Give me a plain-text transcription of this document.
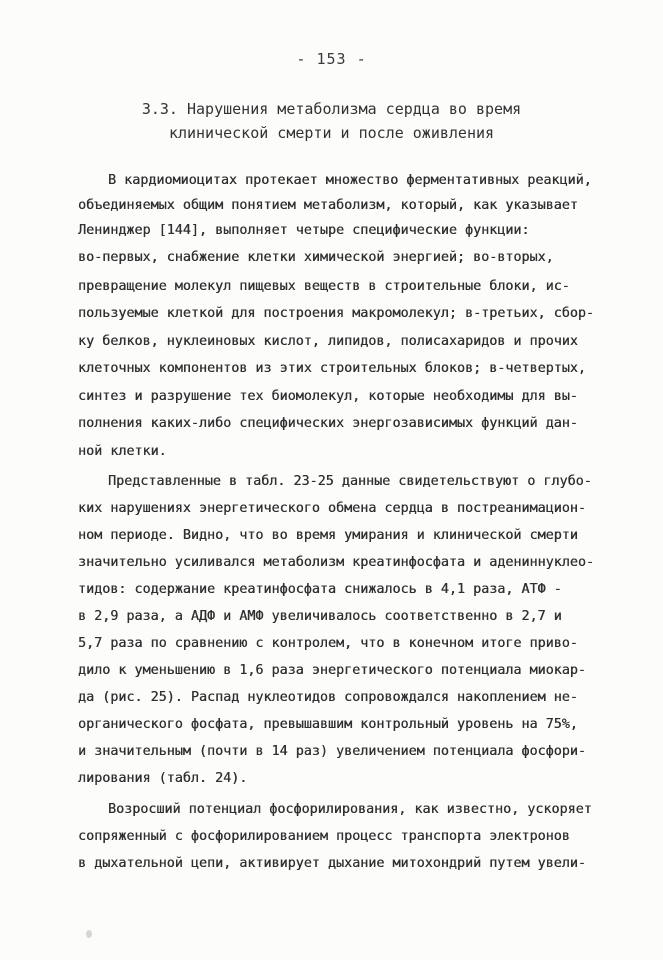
- 153 -
3.3. Нарушения метаболизма сердца во время
клинической смерти и после оживления
В кардиомиоцитах протекает множество ферментативных реакций,
объединяемых общим понятием метаболизм, который, как указывает
Ленинджер [144], выполняет четыре специфические функции:
во-первых, снабжение клетки химической энергией; во-вторых,
превращение молекул пищевых веществ в строительные блоки, ис-
пользуемые клеткой для построения макромолекул; в-третьих, сбор-
ку белков, нуклеиновых кислот, липидов, полисахаридов и прочих
клеточных компонентов из этих строительных блоков; в-четвертых,
синтез и разрушение тех биомолекул, которые необходимы для вы-
полнения каких-либо специфических энергозависимых функций дан-
ной клетки.
Представленные в табл. 23-25 данные свидетельствуют о глубо-
ких нарушениях энергетического обмена сердца в постреанимацион-
ном периоде. Видно, что во время умирания и клинической смерти
значительно усиливался метаболизм креатинфосфата и адениннуклео-
тидов: содержание креатинфосфата снижалось в 4,1 раза, АТФ -
в 2,9 раза, а АДФ и АМФ увеличивалось соответственно в 2,7 и
5,7 раза по сравнению с контролем, что в конечном итоге приво-
дило к уменьшению в 1,6 раза энергетического потенциала миокар-
да (рис. 25). Распад нуклеотидов сопровождался накоплением не-
органического фосфата, превышавшим контрольный уровень на 75%,
и значительным (почти в 14 раз) увеличением потенциала фосфори-
лирования (табл. 24).
Возросший потенциал фосфорилирования, как известно, ускоряет
сопряженный с фосфорилированием процесс транспорта электронов
в дыхательной цепи, активирует дыхание митохондрий путем увели-
